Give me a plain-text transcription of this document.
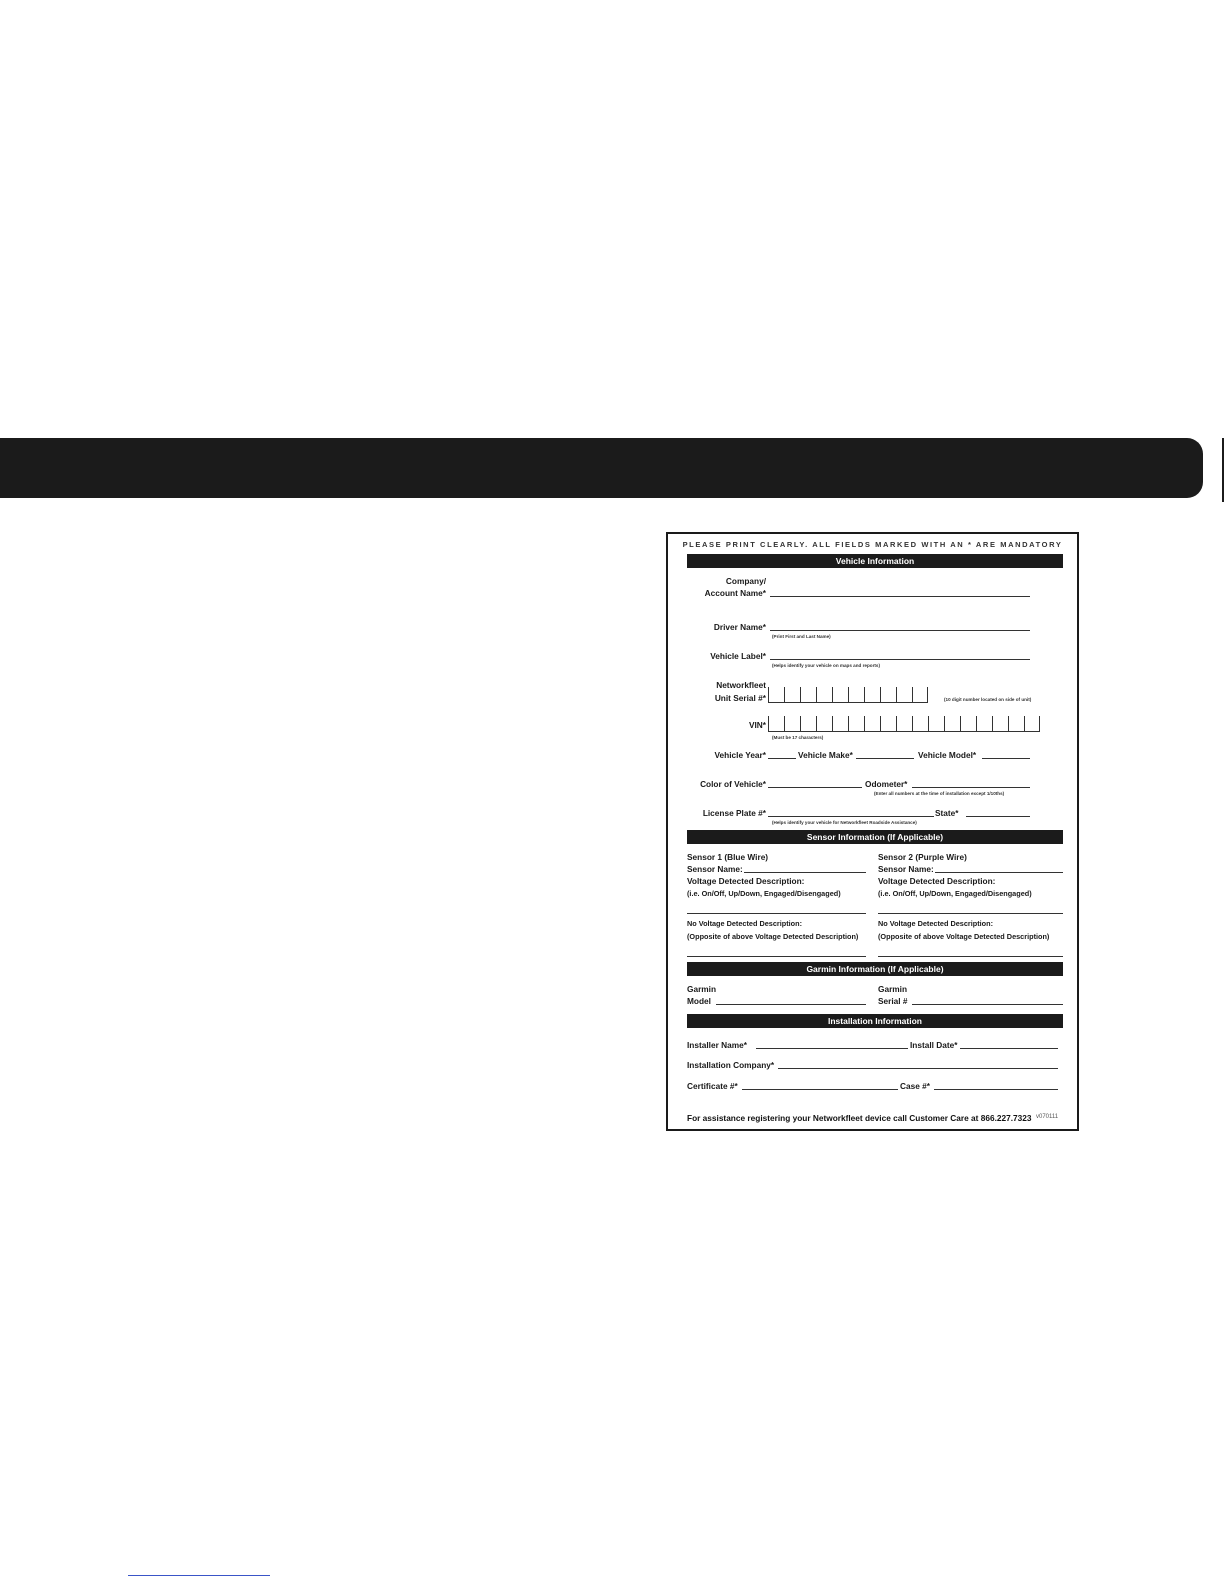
PLEASE PRINT CLEARLY. ALL FIELDS MARKED WITH AN * ARE MANDATORY
Vehicle Information
Company/
Account Name*
Driver Name*
(Print First and Last Name)
Vehicle Label*
(Helps identify your vehicle on maps and reports)
Networkfleet
Unit Serial #*	(10 digit number located on side of unit)
VIN*
(Must be 17 characters)
Vehicle Year*	Vehicle Make*	Vehicle Model*
Color of Vehicle*	Odometer*
(Enter all numbers at the time of installation except 1/10ths)
License Plate #*	State*
(Helps identify your vehicle for Networkfleet Roadside Assistance)
Sensor Information (If Applicable)
Sensor 1 (Blue Wire)
Sensor Name:
Voltage Detected Description:
(i.e. On/Off, Up/Down, Engaged/Disengaged)
No Voltage Detected Description:
(Opposite of above Voltage Detected Description)
Sensor 2 (Purple Wire)
Sensor Name:
Voltage Detected Description:
(i.e. On/Off, Up/Down, Engaged/Disengaged)
No Voltage Detected Description:
(Opposite of above Voltage Detected Description)
Garmin Information (If Applicable)
Garmin
Model
Garmin
Serial #
Installation Information
Installer Name*	Install Date*
Installation Company*
Certificate #*	Case #*
For assistance registering your Networkfleet device call Customer Care at 866.227.7323 v070111
